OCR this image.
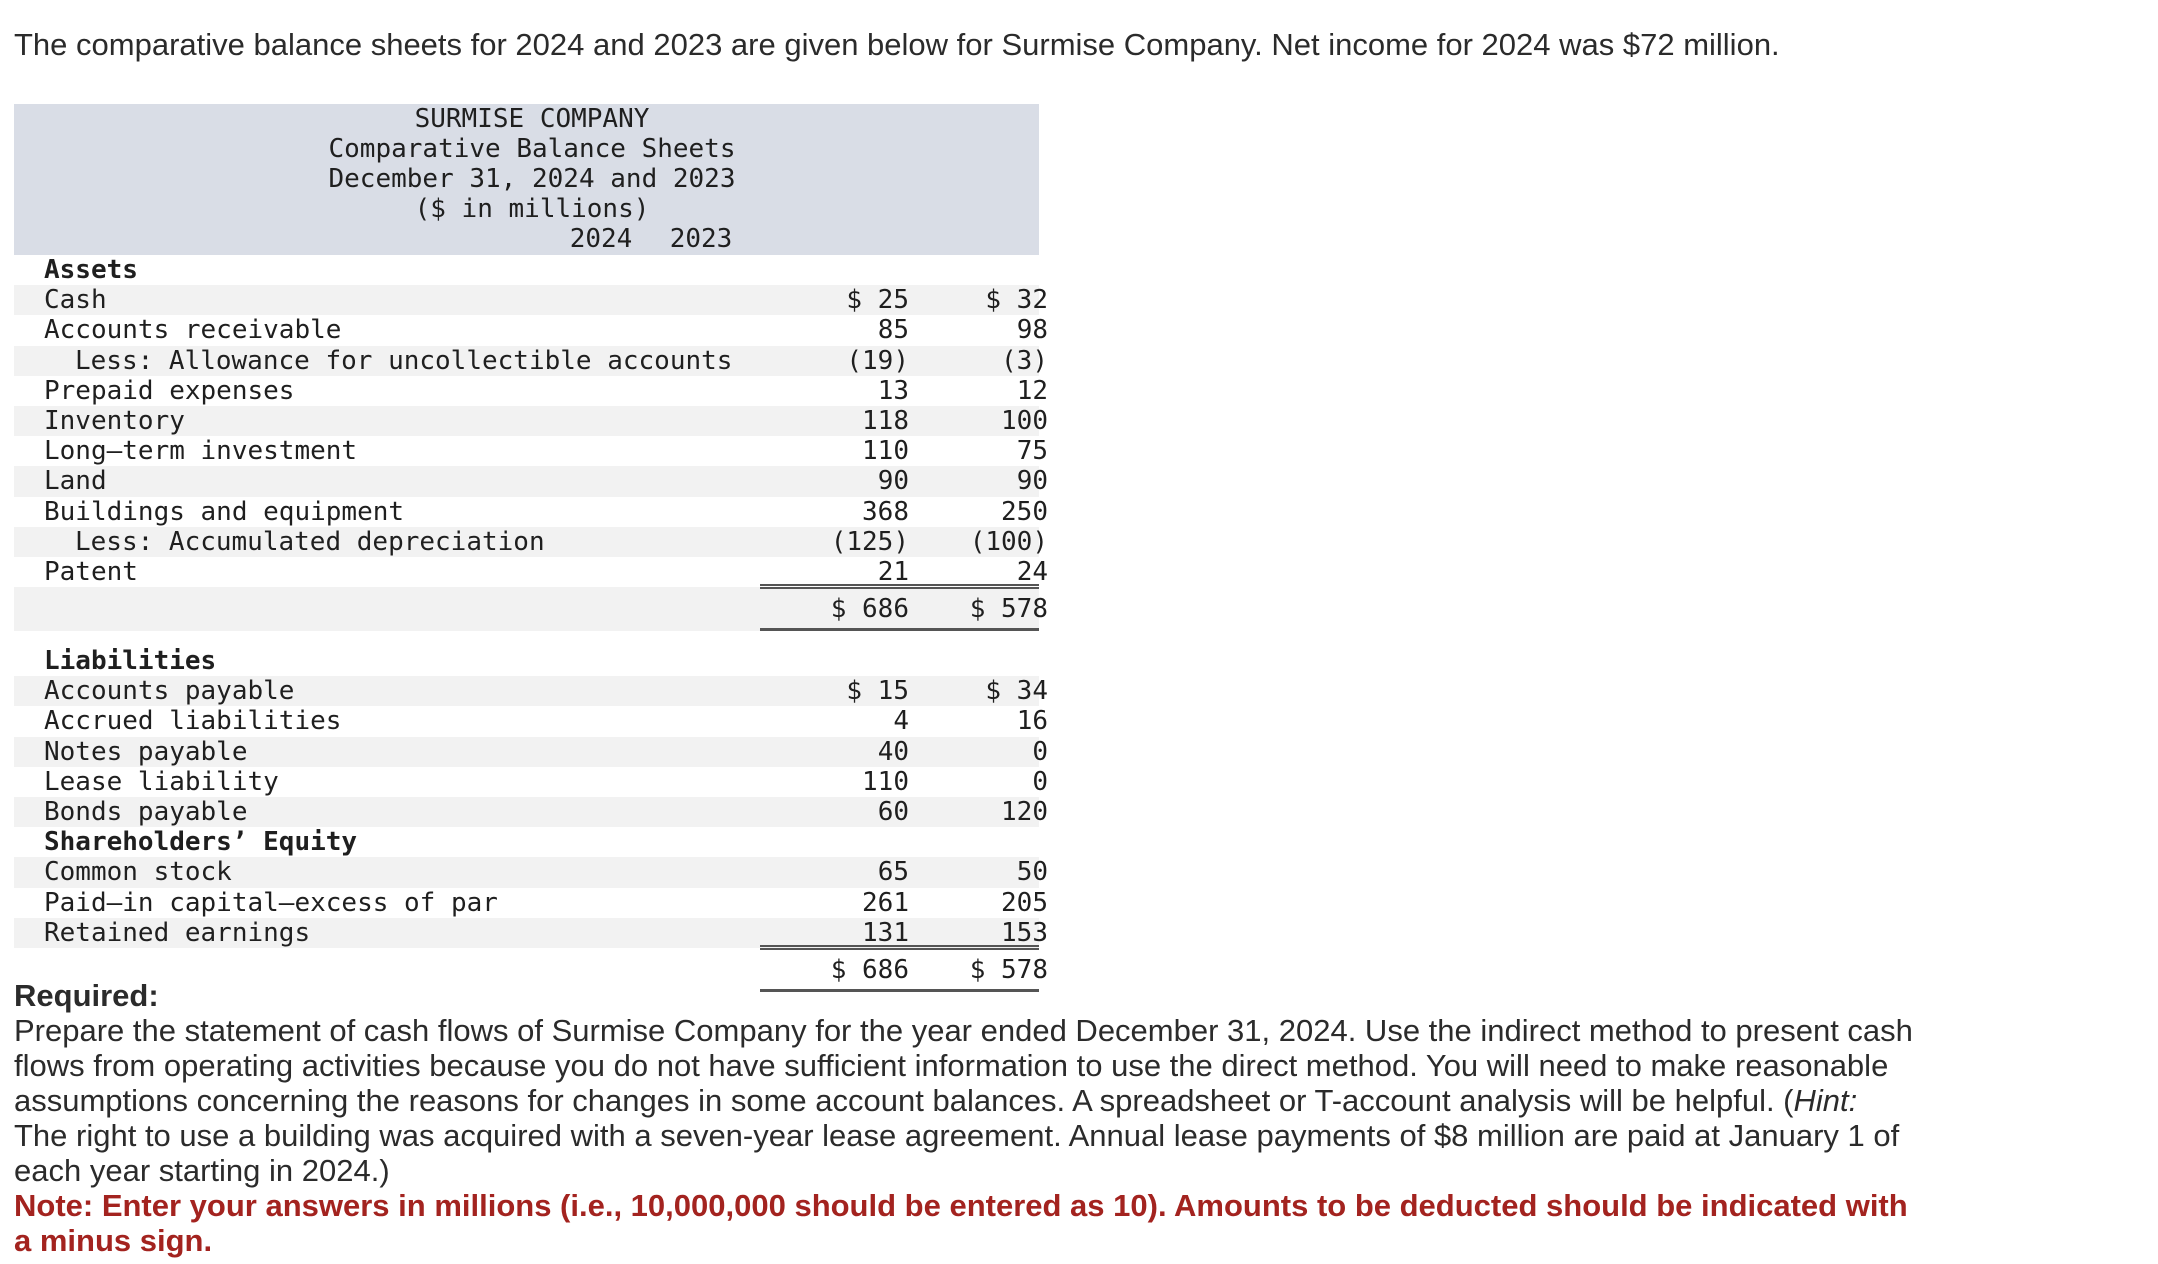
The comparative balance sheets for 2024 and 2023 are given below for Surmise Company. Net income for 2024 was $72 million.

SURMISE COMPANY
Comparative Balance Sheets
December 31, 2024 and 2023
($ in millions)
2024	2023
Assets
Cash	$ 25	$ 32
Accounts receivable	85	98
Less: Allowance for uncollectible accounts	(19)	(3)
Prepaid expenses	13	12
Inventory	118	100
Long–term investment	110	75
Land	90	90
Buildings and equipment	368	250
Less: Accumulated depreciation	(125) (100)
Patent	21	24
$ 686 $ 578
Liabilities
Accounts payable	$ 15	$ 34
Accrued liabilities	4	16
Notes payable	40	0
Lease liability	110	0
Bonds payable	60	120
Shareholders’ Equity
Common stock	65	50
Paid–in capital–excess of par	261	205
Retained earnings	131	153
$ 686 $ 578
Required:
Prepare the statement of cash flows of Surmise Company for the year ended December 31, 2024. Use the indirect method to present cash flows from operating activities because you do not have sufficient information to use the direct method. You will need to make reasonable assumptions concerning the reasons for changes in some account balances. A spreadsheet or T-account analysis will be helpful. (Hint: The right to use a building was acquired with a seven-year lease agreement. Annual lease payments of $8 million are paid at January 1 of each year starting in 2024.)
Note: Enter your answers in millions (i.e., 10,000,000 should be entered as 10). Amounts to be deducted should be indicated with a minus sign.
